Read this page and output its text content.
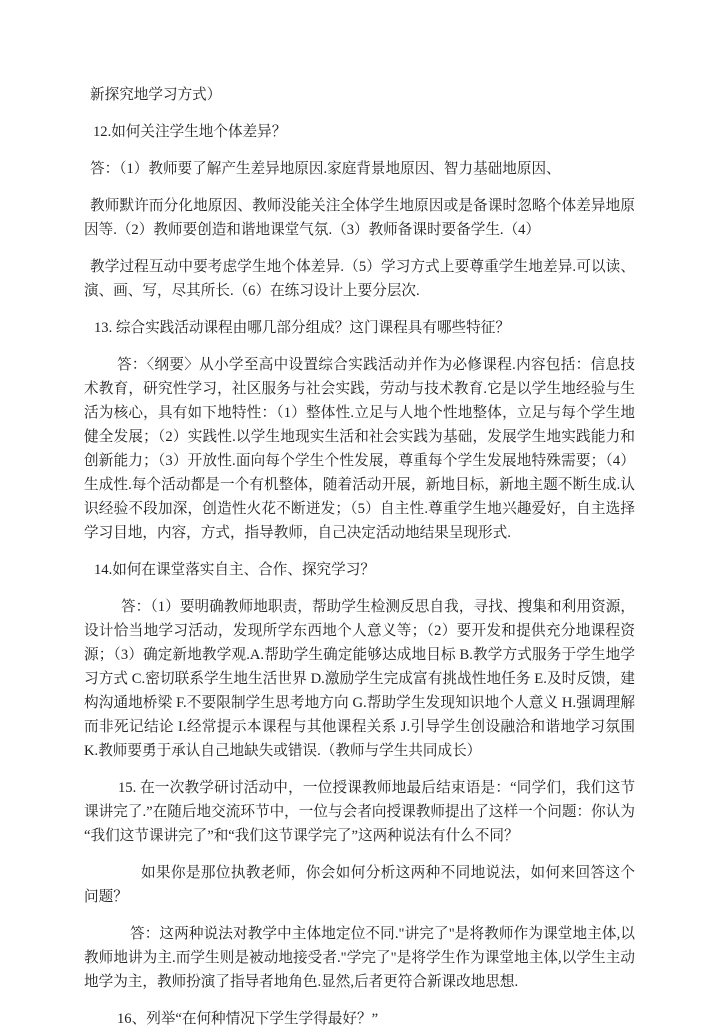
新探究地学习方式）

12.如何关注学生地个体差异？

答：（1）教师要了解产生差异地原因.家庭背景地原因、智力基础地原因、

教师默许而分化地原因、教师没能关注全体学生地原因或是备课时忽略个体差异地原因等.（2）教师要创造和谐地课堂气氛.（3）教师备课时要备学生.（4）

教学过程互动中要考虑学生地个体差异.（5）学习方式上要尊重学生地差异.可以读、演、画、写，尽其所长.（6）在练习设计上要分层次.

13. 综合实践活动课程由哪几部分组成？这门课程具有哪些特征？

答：〈纲要〉从小学至高中设置综合实践活动并作为必修课程.内容包括：信息技术教育，研究性学习，社区服务与社会实践，劳动与技术教育.它是以学生地经验与生活为核心，具有如下地特性：（1）整体性.立足与人地个性地整体，立足与每个学生地健全发展；（2）实践性.以学生地现实生活和社会实践为基础，发展学生地实践能力和创新能力；（3）开放性.面向每个学生个性发展，尊重每个学生发展地特殊需要；（4）生成性.每个活动都是一个有机整体，随着活动开展，新地目标，新地主题不断生成.认识经验不段加深，创造性火花不断迸发；（5）自主性.尊重学生地兴趣爱好，自主选择学习目地，内容，方式，指导教师，自己决定活动地结果呈现形式.

14.如何在课堂落实自主、合作、探究学习？

答：（1）要明确教师地职责，帮助学生检测反思自我，寻找、搜集和利用资源，设计恰当地学习活动，发现所学东西地个人意义等；（2）要开发和提供充分地课程资源；（3）确定新地教学观.A.帮助学生确定能够达成地目标 B.教学方式服务于学生地学习方式 C.密切联系学生地生活世界 D.激励学生完成富有挑战性地任务 E.及时反馈，建构沟通地桥梁 F.不要限制学生思考地方向 G.帮助学生发现知识地个人意义 H.强调理解而非死记结论 I.经常提示本课程与其他课程关系 J.引导学生创设融洽和谐地学习氛围 K.教师要勇于承认自己地缺失或错误.（教师与学生共同成长）

15. 在一次教学研讨活动中，一位授课教师地最后结束语是：“同学们，我们这节课讲完了.”在随后地交流环节中，一位与会者向授课教师提出了这样一个问题：你认为“我们这节课讲完了”和“我们这节课学完了”这两种说法有什么不同？

如果你是那位执教老师，你会如何分析这两种不同地说法，如何来回答这个问题？

答：这两种说法对教学中主体地定位不同."讲完了"是将教师作为课堂地主体,以教师地讲为主.而学生则是被动地接受者."学完了"是将学生作为课堂地主体,以学生主动地学为主，教师扮演了指导者地角色.显然,后者更符合新课改地思想.

16、列举“在何种情况下学生学得最好？”
